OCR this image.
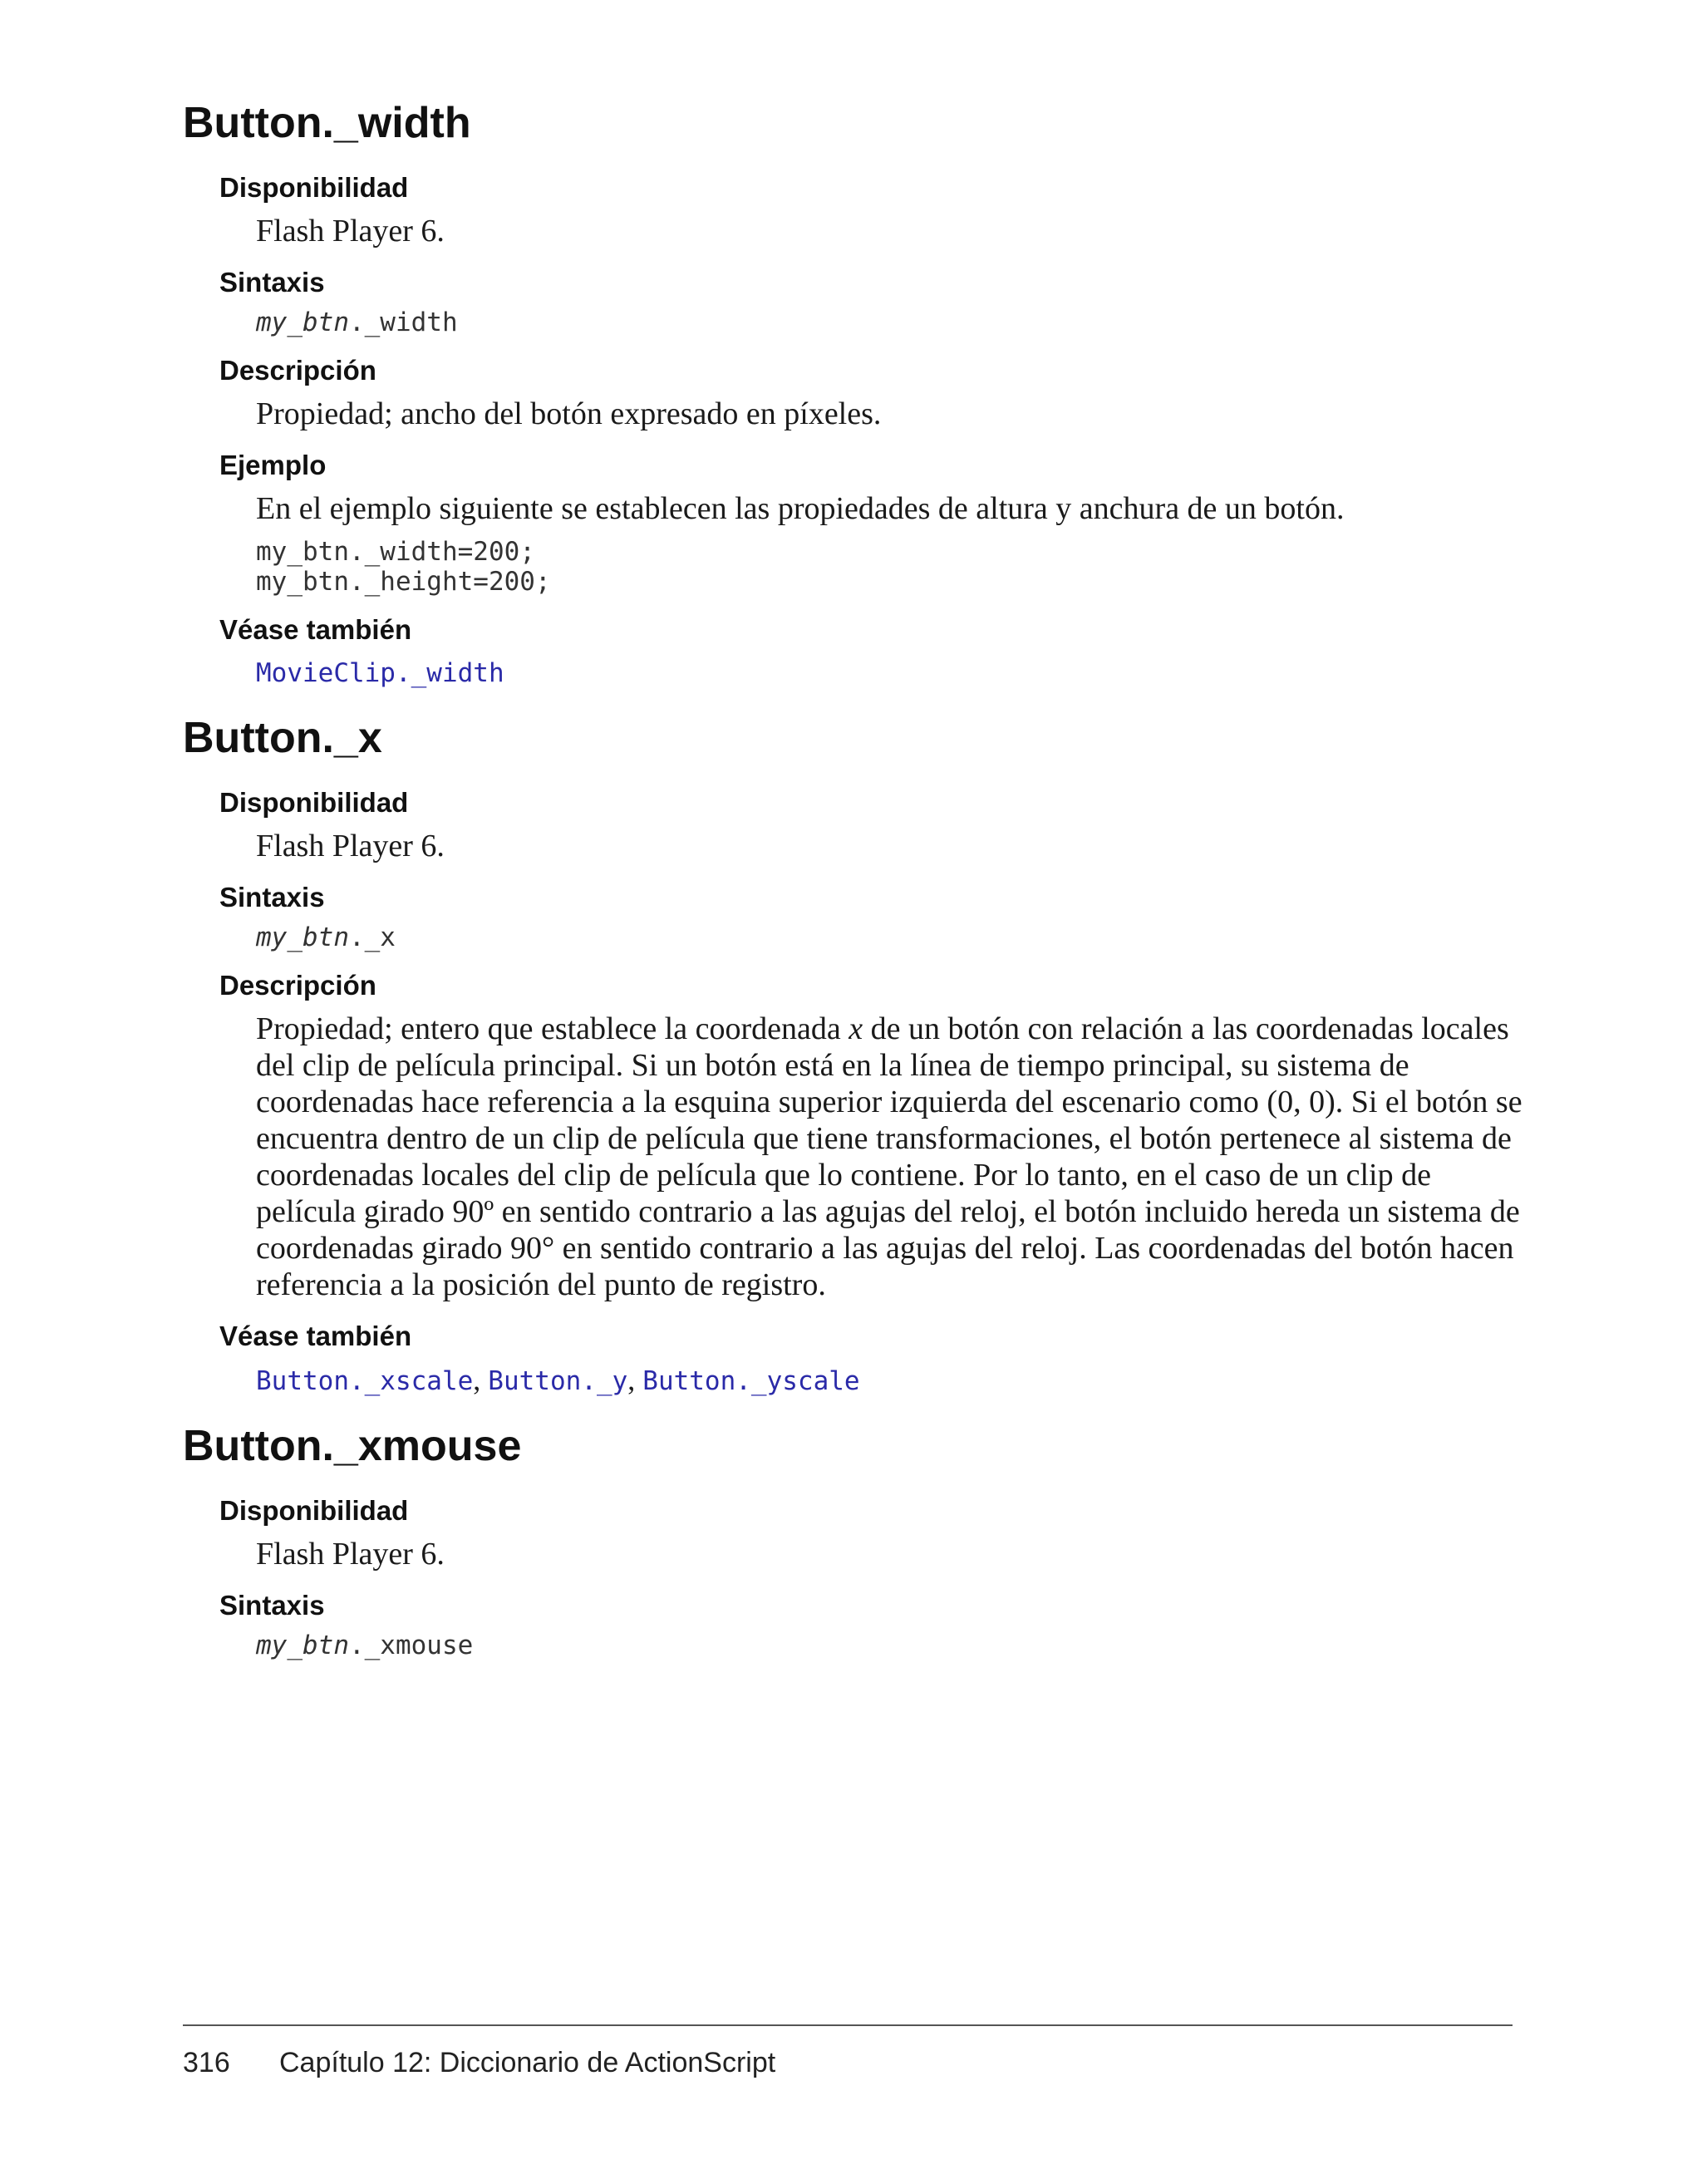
Button._width
Disponibilidad
Flash Player 6.
Sintaxis
my_btn._width
Descripción
Propiedad; ancho del botón expresado en píxeles.
Ejemplo
En el ejemplo siguiente se establecen las propiedades de altura y anchura de un botón.
my_btn._width=200;
my_btn._height=200;
Véase también
MovieClip._width
Button._x
Disponibilidad
Flash Player 6.
Sintaxis
my_btn._x
Descripción
Propiedad; entero que establece la coordenada x de un botón con relación a las coordenadas locales del clip de película principal. Si un botón está en la línea de tiempo principal, su sistema de coordenadas hace referencia a la esquina superior izquierda del escenario como (0, 0). Si el botón se encuentra dentro de un clip de película que tiene transformaciones, el botón pertenece al sistema de coordenadas locales del clip de película que lo contiene. Por lo tanto, en el caso de un clip de película girado 90º en sentido contrario a las agujas del reloj, el botón incluido hereda un sistema de coordenadas girado 90° en sentido contrario a las agujas del reloj. Las coordenadas del botón hacen referencia a la posición del punto de registro.
Véase también
Button._xscale, Button._y, Button._yscale
Button._xmouse
Disponibilidad
Flash Player 6.
Sintaxis
my_btn._xmouse
316 Capítulo 12: Diccionario de ActionScript
